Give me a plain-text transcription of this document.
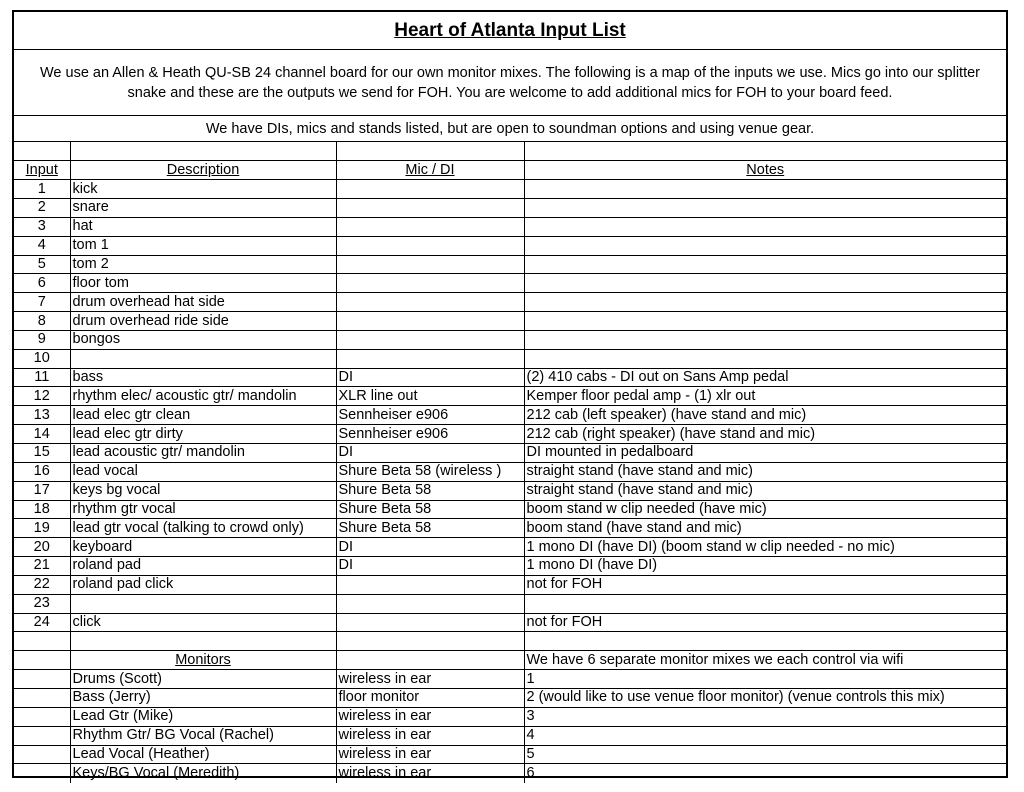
Heart of Atlanta Input List
We use an Allen & Heath QU-SB 24 channel board for our own monitor mixes. The following is a map of the inputs we use. Mics go into our splitter snake and these are the outputs we send for FOH. You are welcome to add additional mics for FOH to your board feed.
We have DIs, mics and stands listed, but are open to soundman options and using venue gear.

Input	Description	Mic / DI	Notes
1	kick		
2	snare		
3	hat		
4	tom 1		
5	tom 2		
6	floor tom		
7	drum overhead hat side		
8	drum overhead ride side		
9	bongos		
10			
11	bass	DI	(2) 410 cabs - DI out on Sans Amp pedal
12	rhythm elec/ acoustic gtr/ mandolin	XLR line out	Kemper floor pedal amp - (1) xlr out
13	lead elec gtr clean	Sennheiser e906	212 cab (left speaker) (have stand and mic)
14	lead elec gtr dirty	Sennheiser e906	212 cab (right speaker) (have stand and mic)
15	lead acoustic gtr/ mandolin	DI	DI mounted in pedalboard
16	lead vocal	Shure Beta 58 (wireless )	straight stand (have stand and mic)
17	keys bg vocal	Shure Beta 58	straight stand (have stand and mic)
18	rhythm gtr vocal	Shure Beta 58	boom stand w clip needed (have mic)
19	lead gtr vocal (talking to crowd only)	Shure Beta 58	boom stand (have stand and mic)
20	keyboard	DI	1 mono DI (have DI) (boom stand w clip needed - no mic)
21	roland pad	DI	1 mono DI (have DI)
22	roland pad click		not for FOH
23			
24	click		not for FOH

	Monitors		We have 6 separate monitor mixes we each control via wifi
	Drums (Scott)	wireless in ear	1
	Bass (Jerry)	floor monitor	2 (would like to use venue floor monitor) (venue controls this mix)
	Lead Gtr (Mike)	wireless in ear	3
	Rhythm Gtr/ BG Vocal (Rachel)	wireless in ear	4
	Lead Vocal (Heather)	wireless in ear	5
	Keys/BG Vocal (Meredith)	wireless in ear	6
